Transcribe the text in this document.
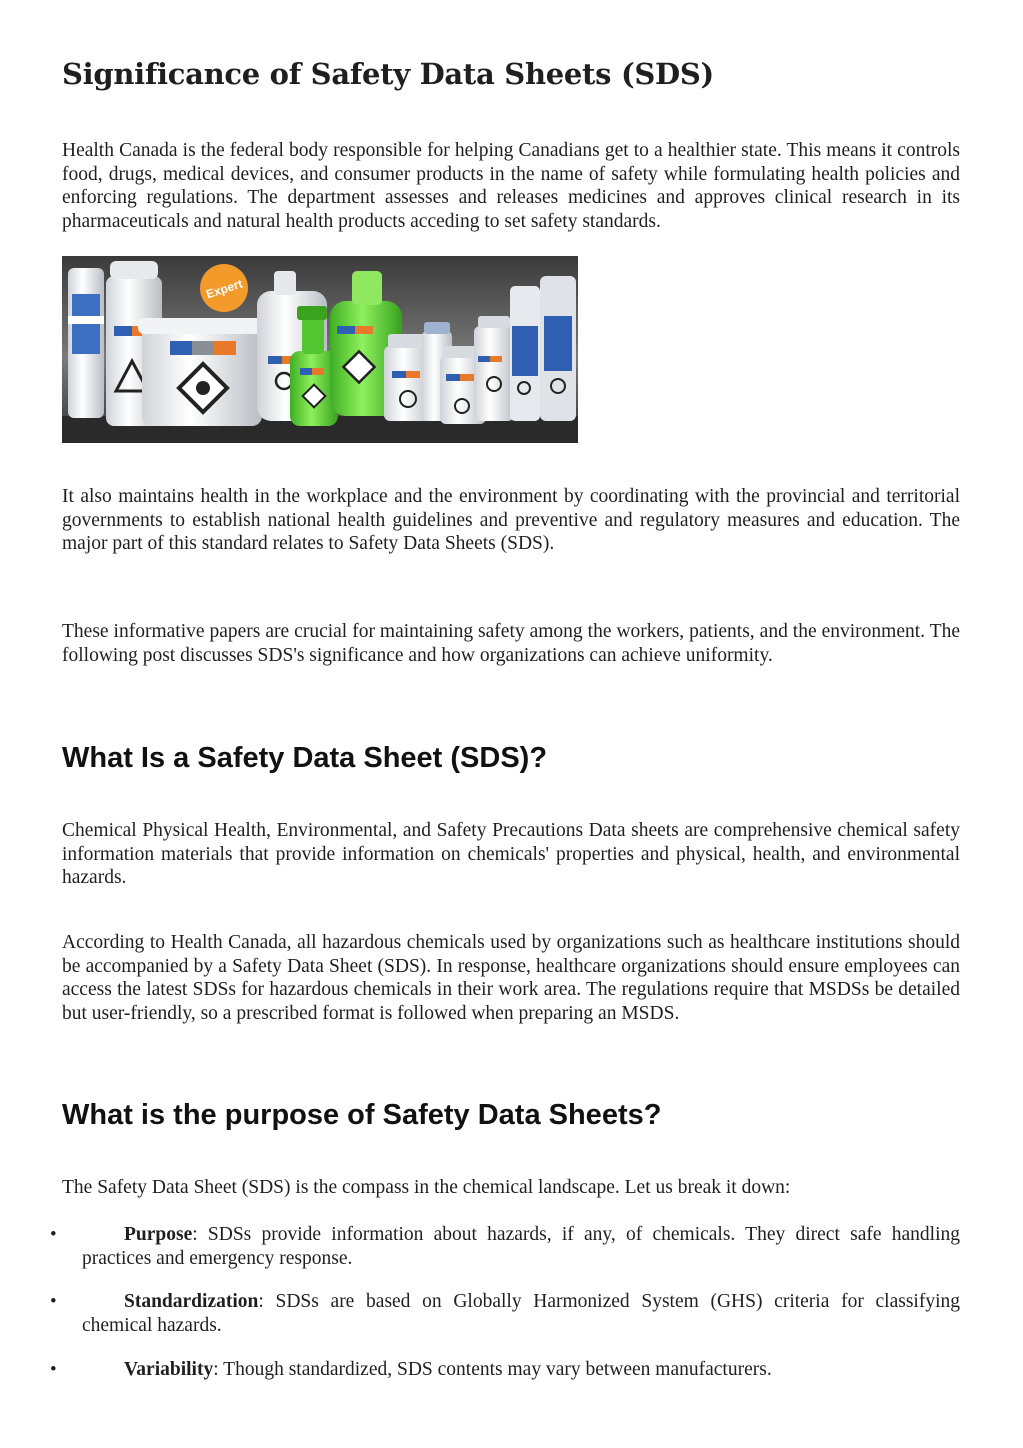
Significance of Safety Data Sheets (SDS)

Health Canada is the federal body responsible for helping Canadians get to a healthier state. This means it controls food, drugs, medical devices, and consumer products in the name of safety while formulating health policies and enforcing regulations. The department assesses and releases medicines and approves clinical research in its pharmaceuticals and natural health products acceding to set safety standards.

Expert

It also maintains health in the workplace and the environment by coordinating with the provincial and territorial governments to establish national health guidelines and preventive and regulatory measures and education. The major part of this standard relates to Safety Data Sheets (SDS).

These informative papers are crucial for maintaining safety among the workers, patients, and the environment. The following post discusses SDS's significance and how organizations can achieve uniformity.

What Is a Safety Data Sheet (SDS)?

Chemical Physical Health, Environmental, and Safety Precautions Data sheets are comprehensive chemical safety information materials that provide information on chemicals' properties and physical, health, and environmental hazards.

According to Health Canada, all hazardous chemicals used by organizations such as healthcare institutions should be accompanied by a Safety Data Sheet (SDS). In response, healthcare organizations should ensure employees can access the latest SDSs for hazardous chemicals in their work area. The regulations require that MSDSs be detailed but user-friendly, so a prescribed format is followed when preparing an MSDS.

What is the purpose of Safety Data Sheets?

The Safety Data Sheet (SDS) is the compass in the chemical landscape. Let us break it down:

•	Purpose: SDSs provide information about hazards, if any, of chemicals. They direct safe handling practices and emergency response.
•	Standardization: SDSs are based on Globally Harmonized System (GHS) criteria for classifying chemical hazards.
•	Variability: Though standardized, SDS contents may vary between manufacturers.
